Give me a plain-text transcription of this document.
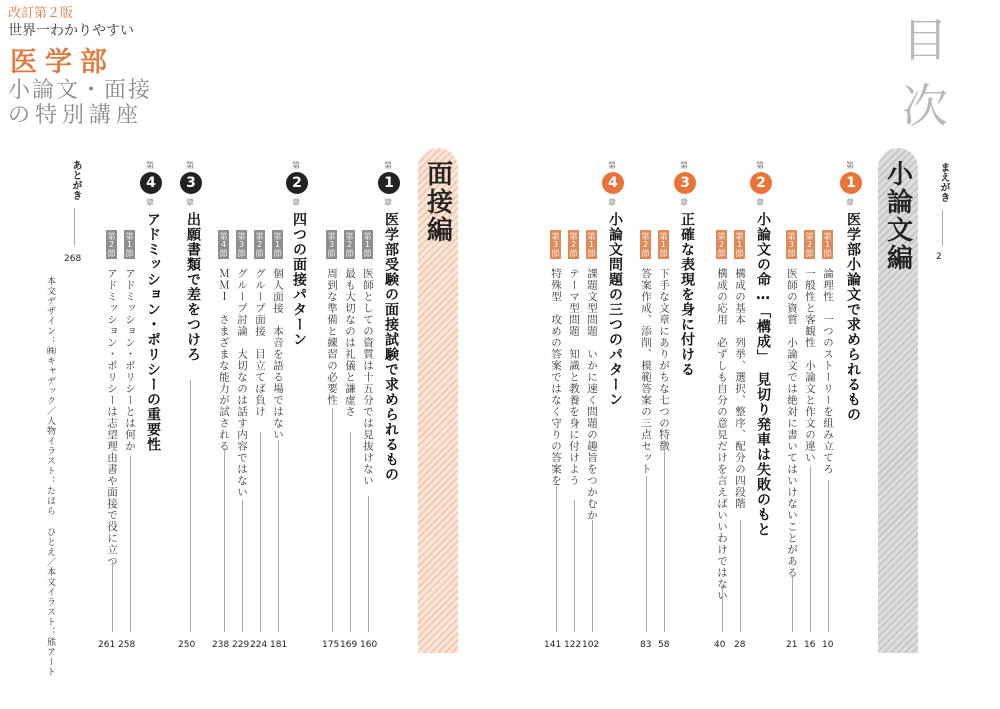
改訂第２版
世界一わかりやすい
医学部
小論文・面接
の特別講座
目次
まえがき
2
小論文編
面接編	第
1
章
医学部小論文で求められるもの
第1節
論理性　一つのストーリーを組み立てろ
10
第2節
一般性と客観性　小論文と作文の違い
16
第3節
医師の資質　小論文では絶対に書いてはいけないことがある
21
第
2
章
小論文の命…「構成」　見切り発車は失敗のもと
第1節
構成の基本　列挙、選択、整序、配分の四段階
28
第2節
構成の応用　必ずしも自分の意見だけを言えばいいわけではない
40
第
3
章
正確な表現を身に付ける
第1節
下手な文章にありがちな七つの特徴
58
第2節
答案作成、添削、模範答案の三点セット
83
第
4
章
小論文問題の三つのパターン
第1節
課題文型問題　いかに速く問題の趣旨をつかむか
102
第2節
テーマ型問題　知識と教養を身に付けよう
122
第3節
特殊型　攻めの答案ではなく守りの答案を
141
第
1
章
医学部受験の面接試験で求められるもの
第1節
医師としての資質は十五分では見抜けない
160
第2節
最も大切なのは礼儀と謙虚さ
169
第3節
周到な準備と練習の必要性
175
第
2
章
四つの面接パターン
第1節
個人面接　本音を語る場ではない
181
第2節
グループ面接　目立てば負け
224
第3節
グループ討論　大切なのは話す内容ではない
229
第4節
ＭＭＩ　さまざまな能力が試される
238
第
3
章
出願書類で差をつけろ
250
第
4
章
アドミッション・ポリシーの重要性
第1節
アドミッション・ポリシーとは何か
258
第2節
アドミッション・ポリシーは志望理由書や面接で役に立つ
261
あとがき
268
本文デザイン：㈱キャデック／人物イラスト：たはら ひとえ／本文イラスト：熊アート
